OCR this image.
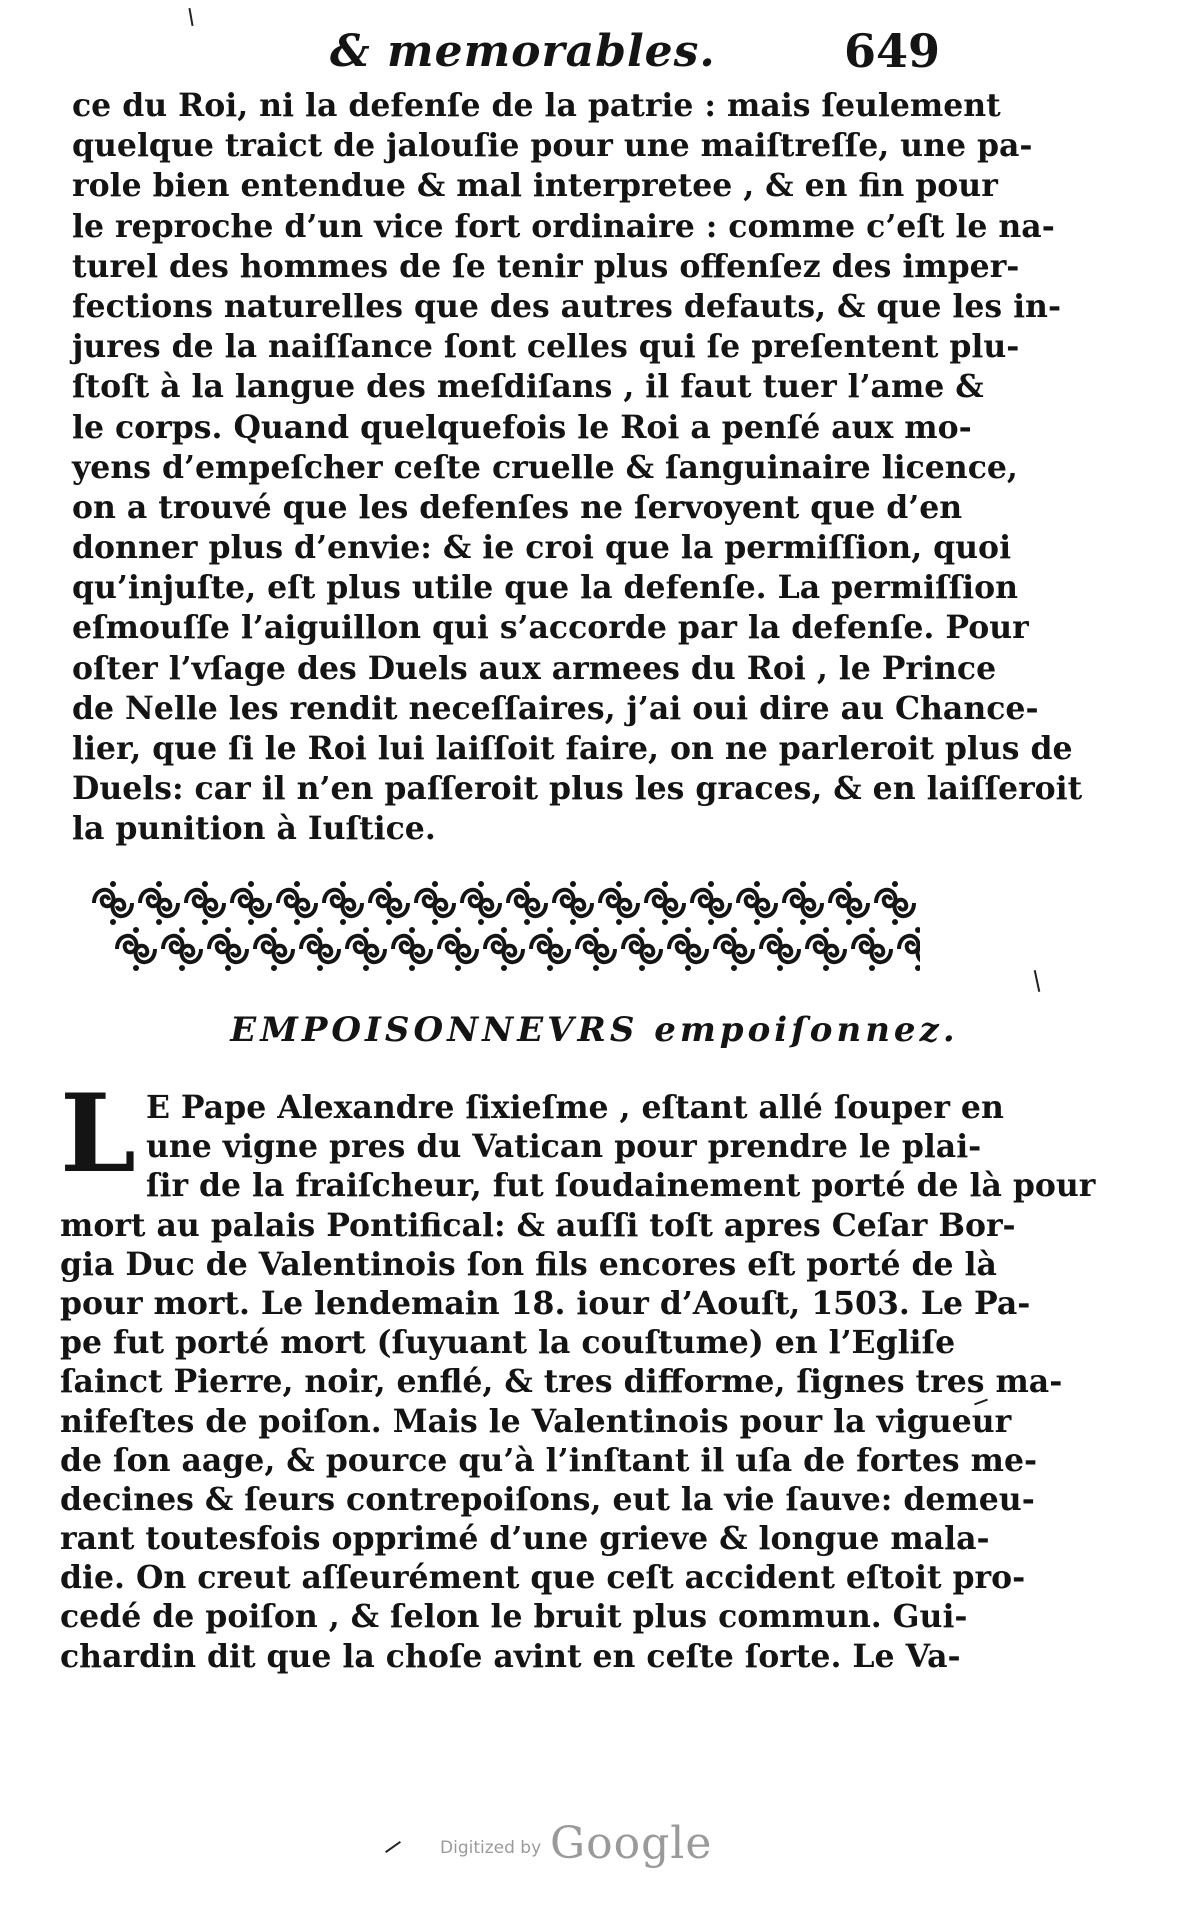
& memorables.	649
ce du Roi, ni la defenſe de la patrie : mais ſeulement
quelque traict de jalouſie pour une maiſtreſſe, une pa-
role bien entendue & mal interpretee , & en fin pour
le reproche d’un vice fort ordinaire : comme c’eſt le na-
turel des hommes de ſe tenir plus offenſez des imper-
fections naturelles que des autres defauts, & que les in-
jures de la naiſſance ſont celles qui ſe preſentent plu-
ſtoſt à la langue des meſdiſans , il faut tuer l’ame &
le corps. Quand quelquefois le Roi a penſé aux mo-
yens d’empeſcher ceſte cruelle & ſanguinaire licence,
on a trouvé que les defenſes ne ſervoyent que d’en
donner plus d’envie: & ie croi que la permiſſion, quoi
qu’injuſte, eſt plus utile que la defenſe. La permiſſion
eſmouſſe l’aiguillon qui s’accorde par la defenſe. Pour
oſter l’vſage des Duels aux armees du Roi , le Prince
de Nelle les rendit neceſſaires, j’ai oui dire au Chance-
lier, que ſi le Roi lui laiſſoit faire, on ne parleroit plus de
Duels: car il n’en paſſeroit plus les graces, & en laiſſeroit
la punition à Iuſtice.
EMPOISONNEVRS empoiſonnez.
L E Pape Alexandre ſixieſme , eſtant allé ſouper en
une vigne pres du Vatican pour prendre le plai-
ſir de la fraiſcheur, fut ſoudainement porté de là pour
mort au palais Pontifical: & auſſi toſt apres Ceſar Bor-
gia Duc de Valentinois ſon fils encores eſt porté de là
pour mort. Le lendemain 18. iour d’Aouſt, 1503. Le Pa-
pe fut porté mort (ſuyuant la couſtume) en l’Egliſe
ſainct Pierre, noir, enflé, & tres difforme, ſignes tres ma-
nifeſtes de poiſon. Mais le Valentinois pour la vigueur
de ſon aage, & pource qu’à l’inſtant il uſa de fortes me-
decines & ſeurs contrepoiſons, eut la vie ſauve: demeu-
rant toutesfois opprimé d’une grieve & longue mala-
die. On creut aſſeurément que ceſt accident eſtoit pro-
cedé de poiſon , & ſelon le bruit plus commun. Gui-
chardin dit que la choſe avint en ceſte ſorte. Le Va-
Digitized by Google
